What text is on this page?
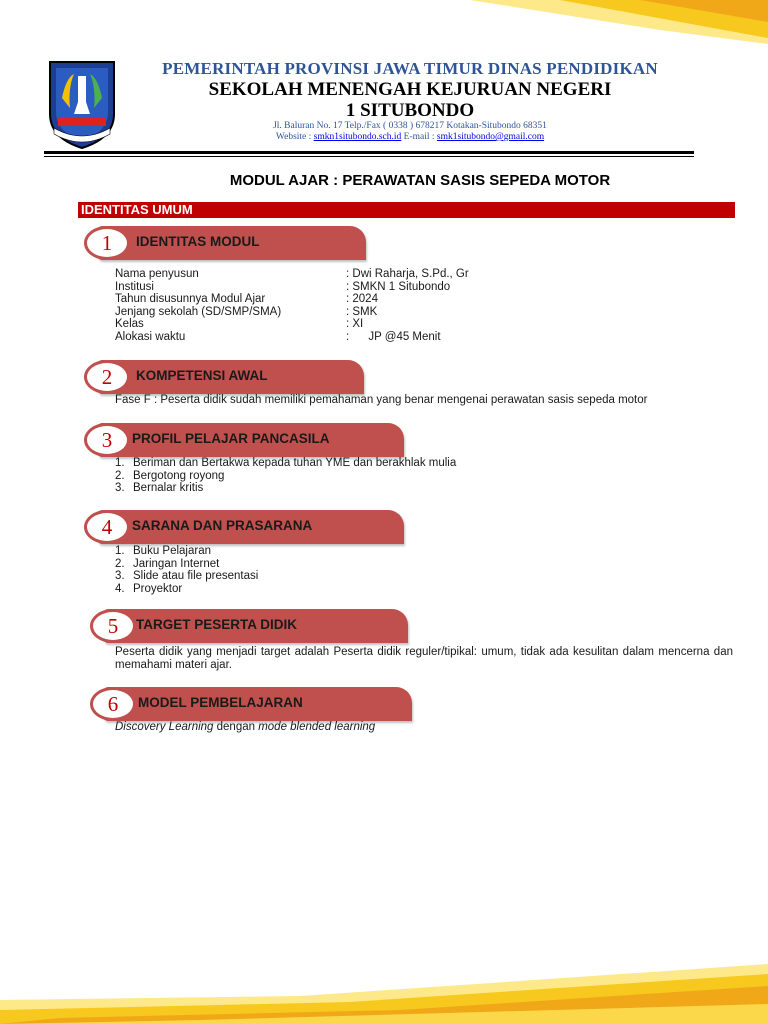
PEMERINTAH PROVINSI JAWA TIMUR DINAS PENDIDIKAN
SEKOLAH MENENGAH KEJURUAN NEGERI
1 SITUBONDO
Jl. Baluran No. 17 Telp./Fax ( 0338 ) 678217 Kotakan-Situbondo 68351
Website : smkn1situbondo.sch.id E-mail : smk1situbondo@gmail.com
MODUL AJAR : PERAWATAN SASIS SEPEDA MOTOR
IDENTITAS UMUM
1	IDENTITAS MODUL
Nama penyusun	: Dwi Raharja, S.Pd., Gr
Institusi	: SMKN 1 Situbondo
Tahun disusunnya Modul Ajar	: 2024
Jenjang sekolah (SD/SMP/SMA)	: SMK
Kelas	: XI
Alokasi waktu	:      JP @45 Menit
2	KOMPETENSI AWAL
Fase F : Peserta didik sudah memiliki pemahaman yang benar mengenai perawatan sasis sepeda motor
3	PROFIL PELAJAR PANCASILA
1. Beriman dan Bertakwa kepada tuhan YME dan berakhlak mulia
2. Bergotong royong
3. Bernalar kritis
4	SARANA DAN PRASARANA
1. Buku Pelajaran
2. Jaringan Internet
3. Slide atau file presentasi
4. Proyektor
5	TARGET PESERTA DIDIK
Peserta didik yang menjadi target adalah Peserta didik reguler/tipikal: umum, tidak ada kesulitan dalam mencerna dan memahami materi ajar.
6	MODEL PEMBELAJARAN
Discovery Learning dengan mode blended learning
